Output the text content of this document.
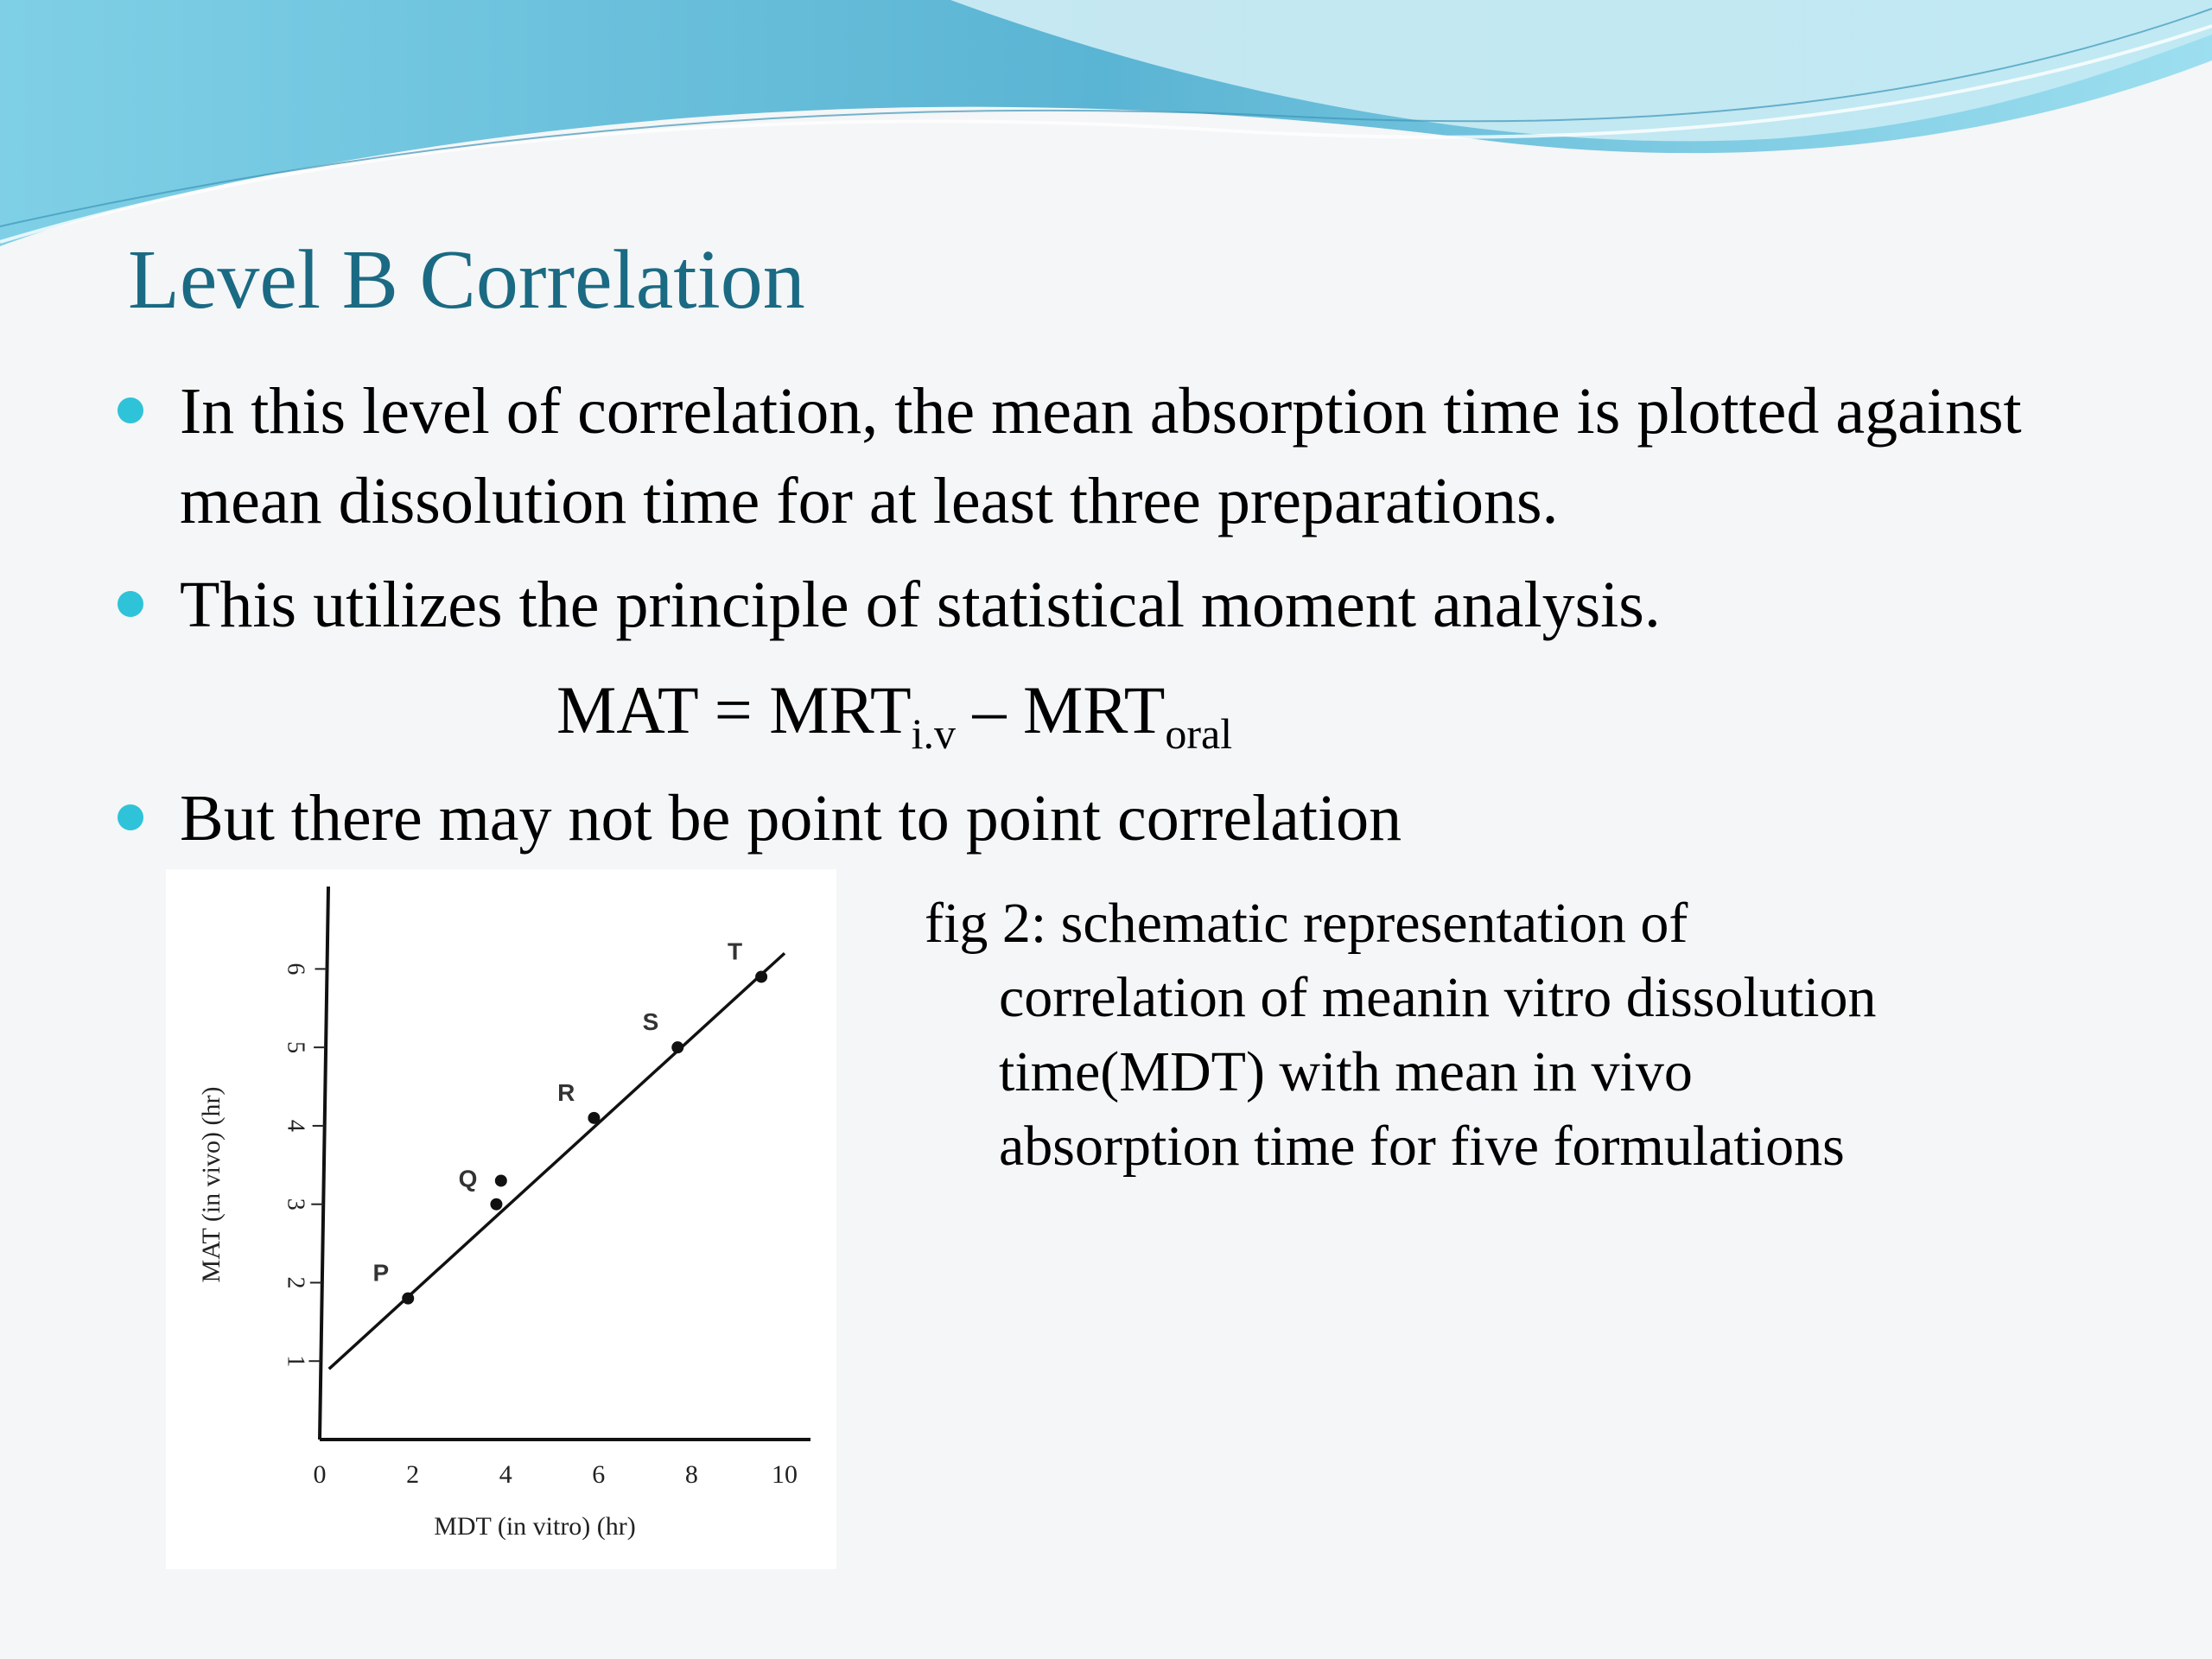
Level B Correlation
In this level of correlation, the mean absorption time is plotted against mean dissolution time for at least three preparations.
This utilizes the principle of statistical moment analysis.
But there may not be point to point correlation
MAT = $MRT_{i.v} - MRT_{oral}$
0	2	4	6	8	10
1
2
3
4
5
6
MDT (in vitro) (hr)
MAT (in vivo) (hr)	P
Q
R
S
T	fig 2: schematic representation of
correlation of meanin vitro dissolution time(MDT) with mean in vivo absorption time for five formulations
